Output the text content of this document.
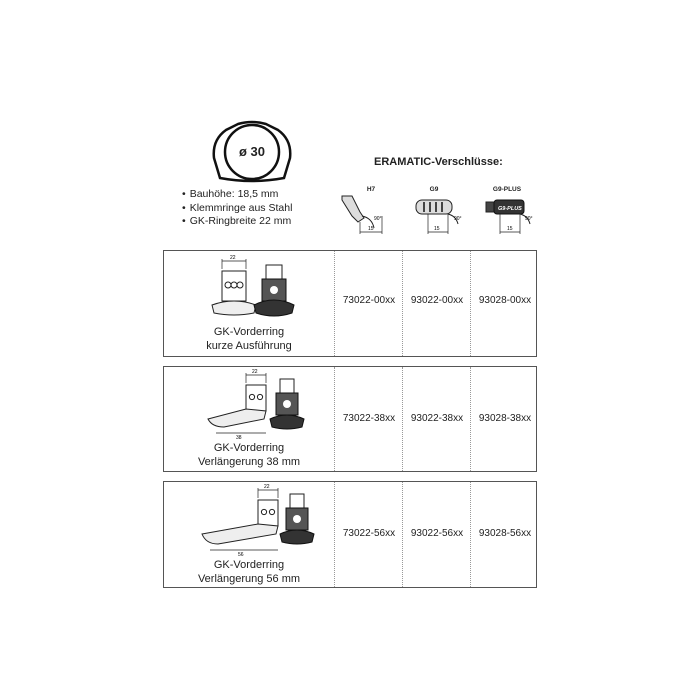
ø 30
• Bauhöhe: 18,5 mm
• Klemmringe aus Stahl
• GK-Ringbreite 22 mm
ERAMATIC-Verschlüsse:
H7
15
90°
G9
15
90°
G9-PLUS
G9-PLUS
15
90°
22
GK-Vorderring
kurze Ausführung
73022-00xx	93022-00xx	93028-00xx
22
38
GK-Vorderring
Verlängerung 38 mm
73022-38xx	93022-38xx	93028-38xx
22
56
GK-Vorderring
Verlängerung 56 mm
73022-56xx	93022-56xx	93028-56xx
